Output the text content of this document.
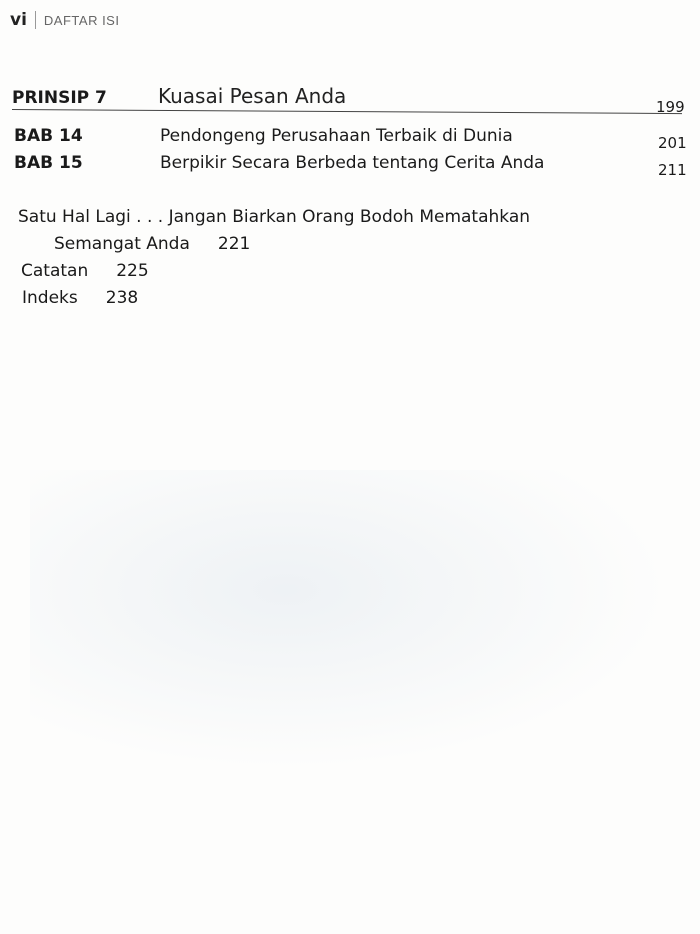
vi DAFTAR ISI
PRINSIP 7	Kuasai Pesan Anda	199
BAB 14	Pendongeng Perusahaan Terbaik di Dunia	201
BAB 15	Berpikir Secara Berbeda tentang Cerita Anda	211
Satu Hal Lagi . . . Jangan Biarkan Orang Bodoh Mematahkan
Semangat Anda 221
Catatan 225
Indeks 238
